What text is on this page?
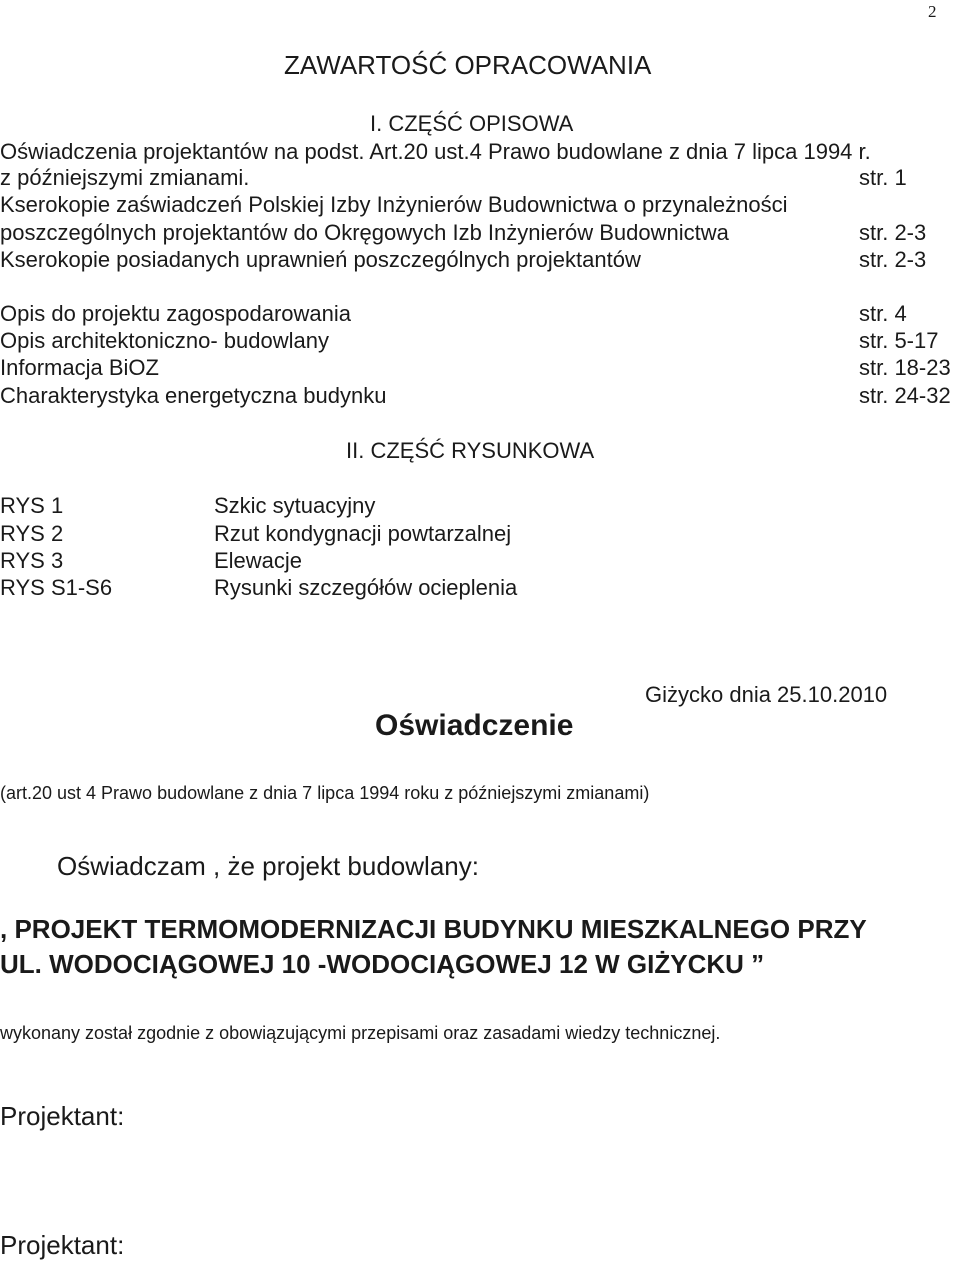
2
ZAWARTOŚĆ OPRACOWANIA
I. CZĘŚĆ OPISOWA
Oświadczenia projektantów na podst. Art.20 ust.4 Prawo budowlane z dnia 7 lipca 1994 r.
z późniejszymi zmianami.	str. 1
Kserokopie zaświadczeń Polskiej Izby Inżynierów Budownictwa o przynależności
poszczególnych projektantów do Okręgowych Izb Inżynierów Budownictwa	str. 2-3
Kserokopie posiadanych uprawnień poszczególnych projektantów	str. 2-3
Opis do projektu zagospodarowania	str. 4
Opis architektoniczno- budowlany	str. 5-17
Informacja BiOZ	str. 18-23
Charakterystyka energetyczna budynku	str. 24-32
II. CZĘŚĆ RYSUNKOWA
RYS 1	Szkic sytuacyjny
RYS 2	Rzut kondygnacji powtarzalnej
RYS 3	Elewacje
RYS S1-S6	Rysunki szczegółów ocieplenia
Giżycko dnia 25.10.2010
Oświadczenie
(art.20 ust 4 Prawo budowlane z dnia 7 lipca 1994 roku z późniejszymi zmianami)
Oświadczam , że projekt budowlany:
, PROJEKT TERMOMODERNIZACJI BUDYNKU MIESZKALNEGO PRZY
UL. WODOCIĄGOWEJ 10 -WODOCIĄGOWEJ 12 W GIŻYCKU ”
wykonany został zgodnie z obowiązującymi przepisami oraz zasadami wiedzy technicznej.
Projektant:
Projektant:
